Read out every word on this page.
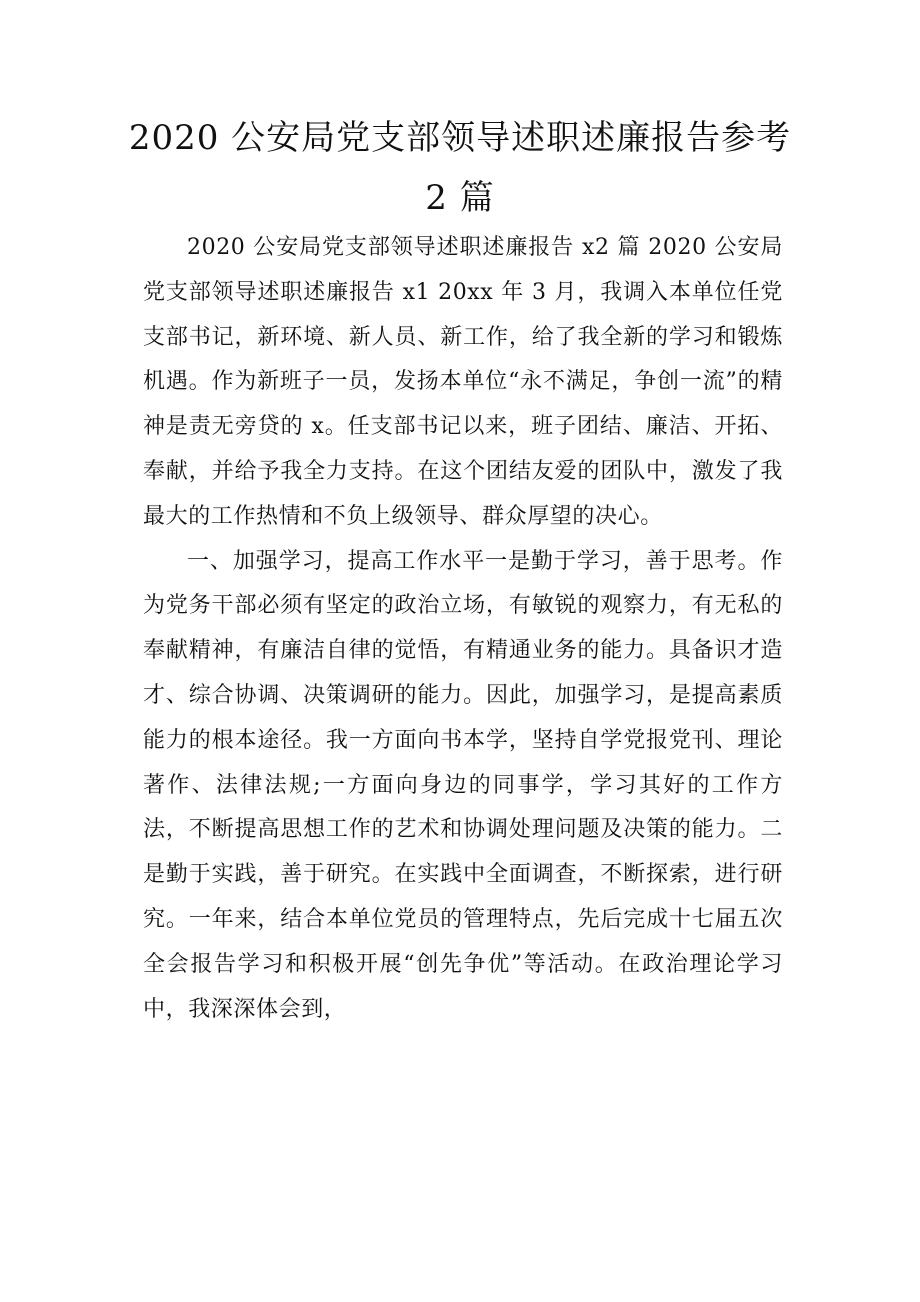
2020 公安局党支部领导述职述廉报告参考
2 篇

2020 公安局党支部领导述职述廉报告 x2 篇 2020 公安局党支部领导述职述廉报告 x1 20xx 年 3 月，我调入本单位任党支部书记，新环境、新人员、新工作，给了我全新的学习和锻炼机遇。作为新班子一员，发扬本单位“永不满足，争创一流”的精神是责无旁贷的 x。任支部书记以来，班子团结、廉洁、开拓、奉献，并给予我全力支持。在这个团结友爱的团队中，激发了我最大的工作热情和不负上级领导、群众厚望的决心。

一、加强学习，提高工作水平一是勤于学习，善于思考。作为党务干部必须有坚定的政治立场，有敏锐的观察力，有无私的奉献精神，有廉洁自律的觉悟，有精通业务的能力。具备识才造才、综合协调、决策调研的能力。因此，加强学习，是提高素质能力的根本途径。我一方面向书本学，坚持自学党报党刊、理论著作、法律法规;一方面向身边的同事学，学习其好的工作方法，不断提高思想工作的艺术和协调处理问题及决策的能力。二是勤于实践，善于研究。在实践中全面调查，不断探索，进行研究。一年来，结合本单位党员的管理特点，先后完成十七届五次全会报告学习和积极开展“创先争优”等活动。在政治理论学习中，我深深体会到，
